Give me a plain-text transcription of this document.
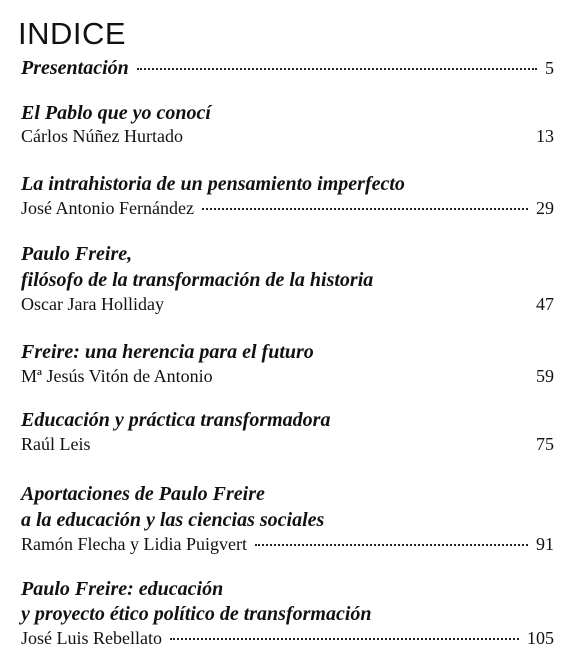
INDICE
Presentación	5
El Pablo que yo conocí
Cárlos Núñez Hurtado	13
La intrahistoria de un pensamiento imperfecto
José Antonio Fernández	29
Paulo Freire,
filósofo de la transformación de la historia
Oscar Jara Holliday	47
Freire: una herencia para el futuro
Mª Jesús Vitón de Antonio	59
Educación y práctica transformadora
Raúl Leis	75
Aportaciones de Paulo Freire
a la educación y las ciencias sociales
Ramón Flecha y Lidia Puigvert	91
Paulo Freire: educación
y proyecto ético político de transformación
José Luis Rebellato	105
